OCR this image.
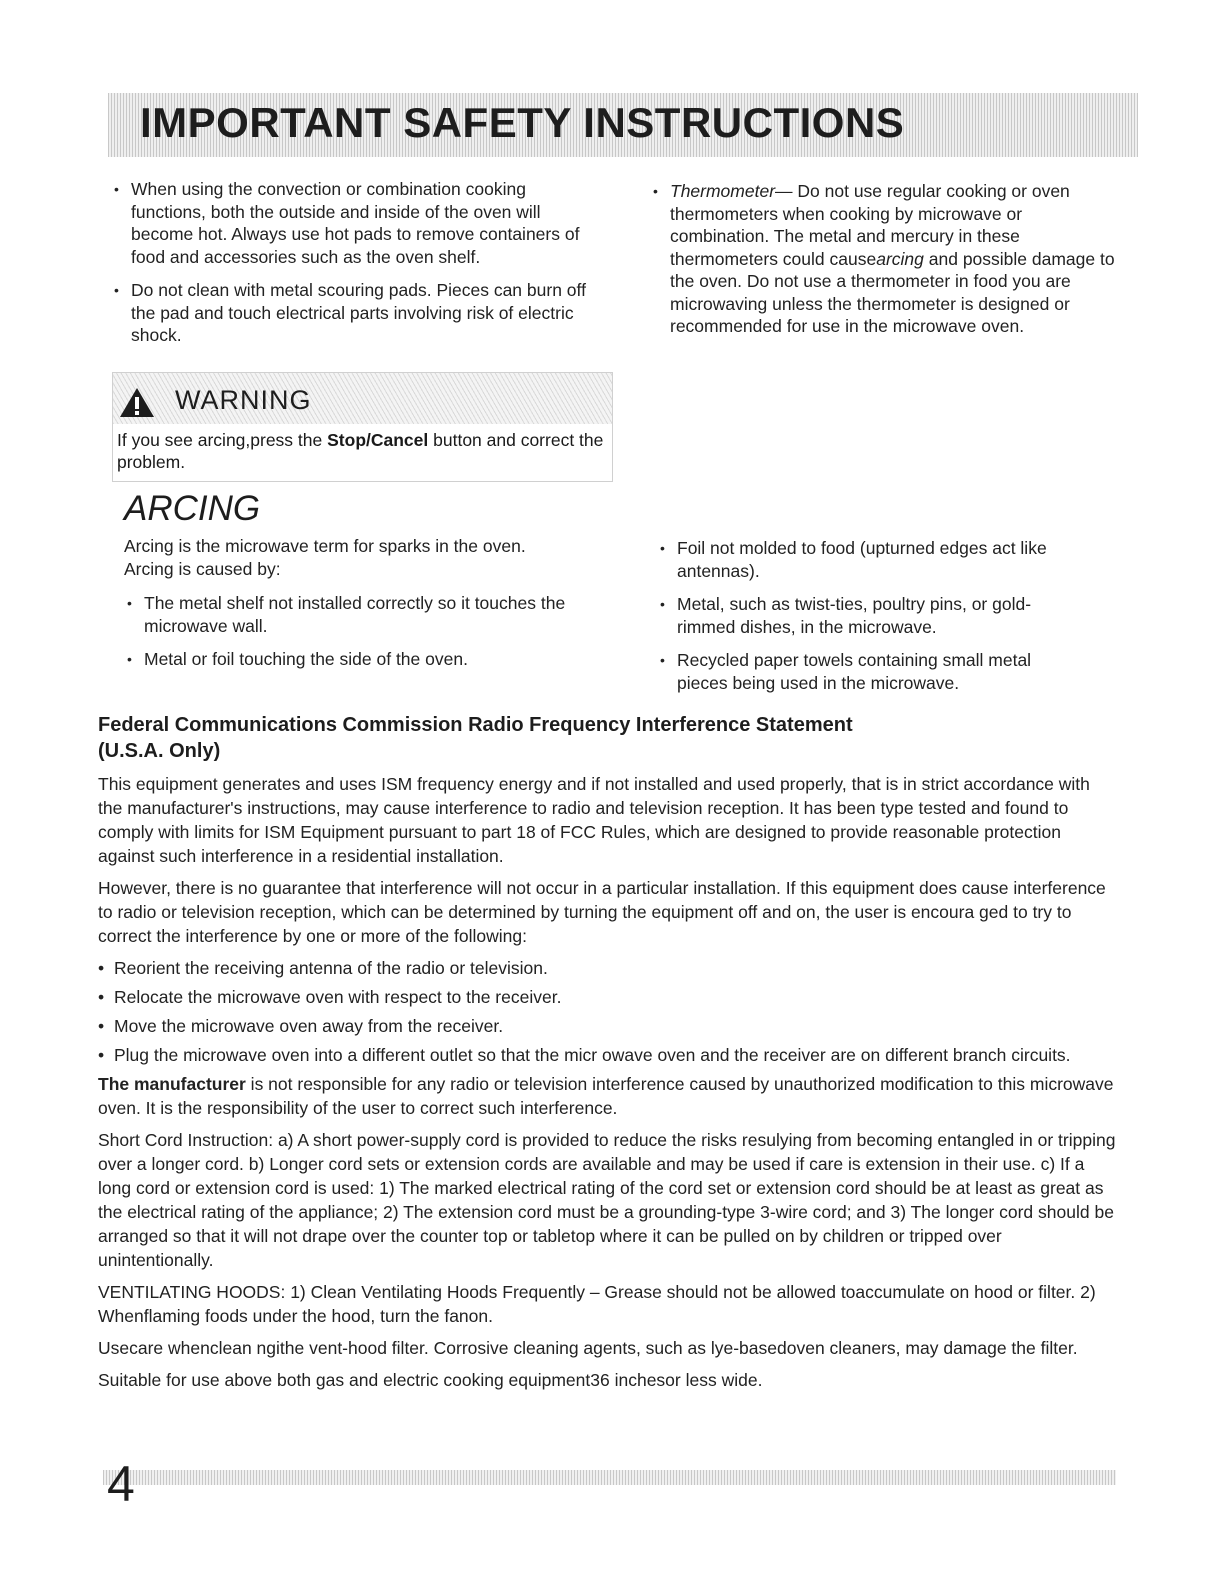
IMPORTANT SAFETY INSTRUCTIONS
• When using the convection or combination cooking functions, both the outside and inside of the oven will become hot. Always use hot pads to remove containers of food and accessories such as the oven shelf.
• Do not clean with metal scouring pads. Pieces can burn off the pad and touch electrical parts involving risk of electric shock.
• Thermometer— Do not use regular cooking or oven thermometers when cooking by microwave or combination. The metal and mercury in these thermometers could causearcing and possible damage to the oven. Do not use a thermometer in food you are microwaving unless the thermometer is designed or recommended for use in the microwave oven.
WARNING
If you see arcing,press the Stop/Cancel button and correct the problem.
ARCING
Arcing is the microwave term for sparks in the oven.
Arcing is caused by:
• The metal shelf not installed correctly so it touches the microwave wall.
• Metal or foil touching the side of the oven.
• Foil not molded to food (upturned edges act like antennas).
• Metal, such as twist-ties, poultry pins, or gold-rimmed dishes, in the microwave.
• Recycled paper towels containing small metal pieces being used in the microwave.
Federal Communications Commission Radio Frequency Interference Statement
(U.S.A. Only)

This equipment generates and uses ISM frequency energy and if not installed and used properly, that is in strict accordance with the manufacturer's instructions, may cause interference to radio and television reception. It has been type tested and found to comply with limits for ISM Equipment pursuant to part 18 of FCC Rules, which are designed to provide reasonable protection against such interference in a residential installation.

However, there is no guarantee that interference will not occur in a particular installation. If this equipment does cause interference to radio or television reception, which can be determined by turning the equipment off and on, the user is encoura ged to try to correct the interference by one or more of the following:

• Reorient the receiving antenna of the radio or television.
• Relocate the microwave oven with respect to the receiver.
• Move the microwave oven away from the receiver.
• Plug the microwave oven into a different outlet so that the micr owave oven and the receiver are on different branch circuits.

The manufacturer is not responsible for any radio or television interference caused by unauthorized modification to this microwave oven. It is the responsibility of the user to correct such interference.

Short Cord Instruction: a) A short power-supply cord is provided to reduce the risks resulying from becoming entangled in or tripping over a longer cord. b) Longer cord sets or extension cords are available and may be used if care is extension in their use. c) If a long cord or extension cord is used: 1) The marked electrical rating of the cord set or extension cord should be at least as great as the electrical rating of the appliance; 2) The extension cord must be a grounding-type 3-wire cord; and 3) The longer cord should be arranged so that it will not drape over the counter top or tabletop where it can be pulled on by children or tripped over unintentionally.

VENTILATING HOODS: 1) Clean Ventilating Hoods Frequently – Grease should not be allowed toaccumulate on hood or filter. 2) Whenflaming foods under the hood, turn the fanon.

Usecare whenclean ngithe vent-hood filter. Corrosive cleaning agents, such as lye-basedoven cleaners, may damage the filter.

Suitable for use above both gas and electric cooking equipment36 inchesor less wide.

4
